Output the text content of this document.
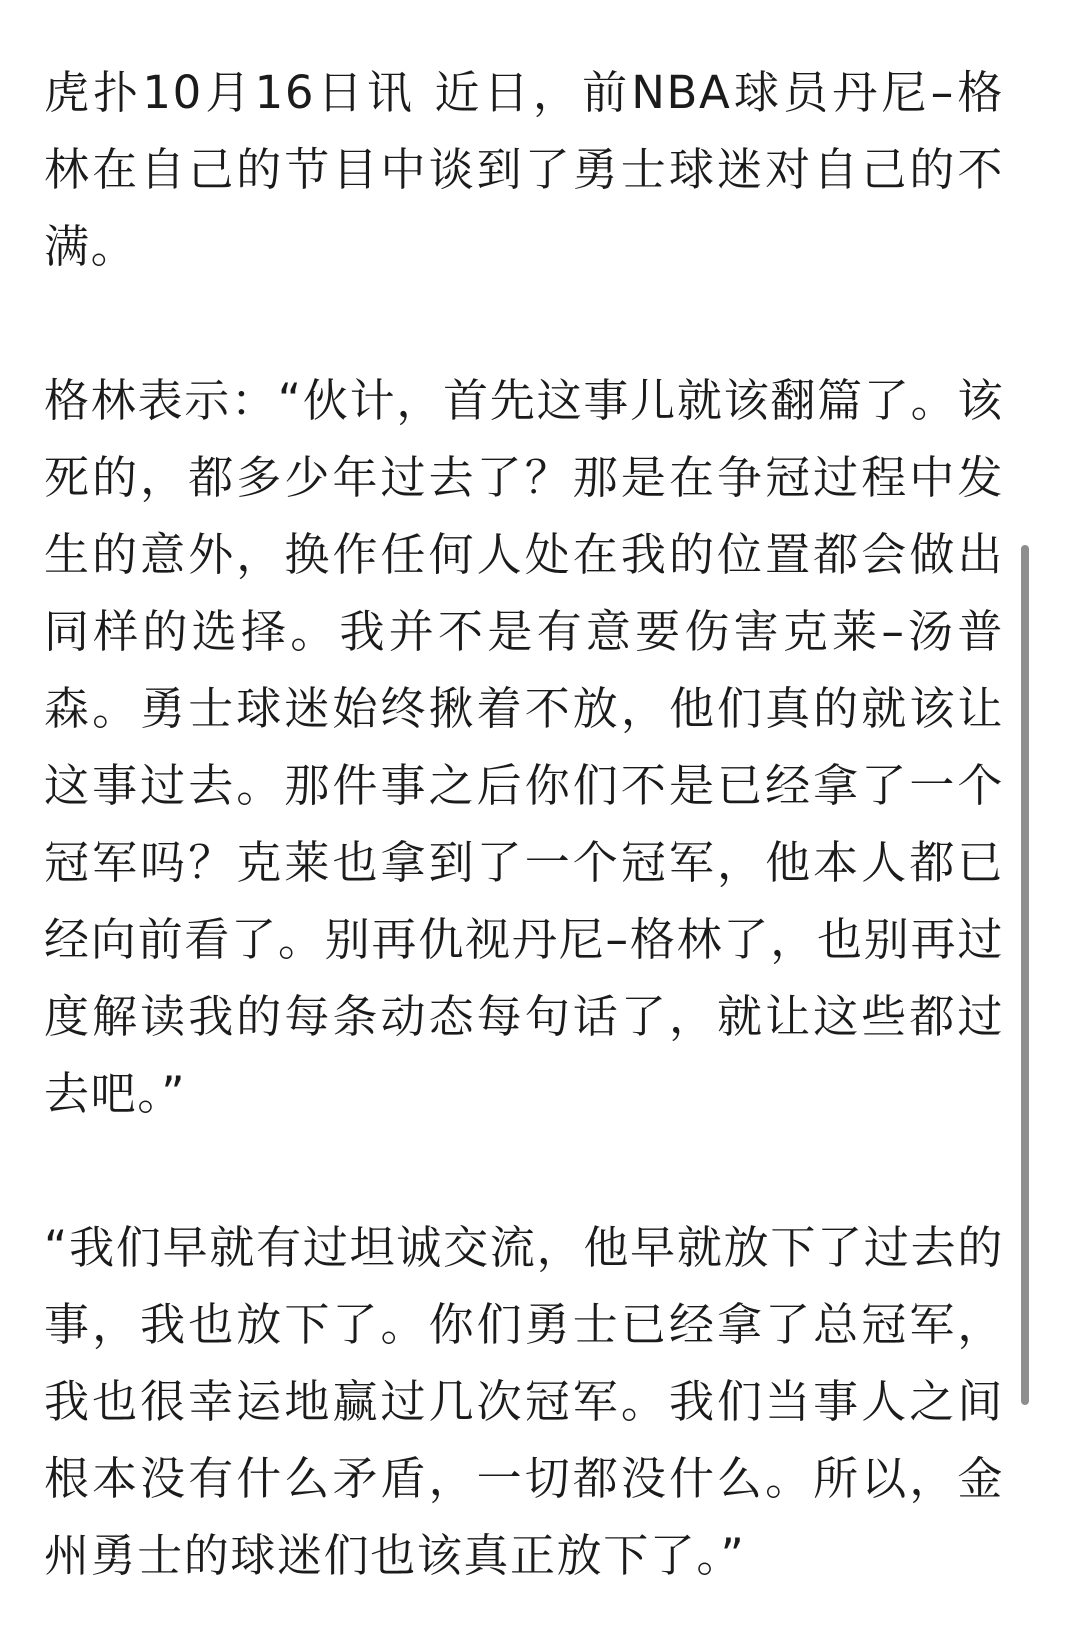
虎扑10月16日讯 近日，前NBA球员丹尼–格林在自己的节目中谈到了勇士球迷对自己的不满。

格林表示：“伙计，首先这事儿就该翻篇了。该死的，都多少年过去了？那是在争冠过程中发生的意外，换作任何人处在我的位置都会做出同样的选择。我并不是有意要伤害克莱–汤普森。勇士球迷始终揪着不放，他们真的就该让这事过去。那件事之后你们不是已经拿了一个冠军吗？克莱也拿到了一个冠军，他本人都已经向前看了。别再仇视丹尼–格林了，也别再过度解读我的每条动态每句话了，就让这些都过去吧。”

“我们早就有过坦诚交流，他早就放下了过去的事，我也放下了。你们勇士已经拿了总冠军，我也很幸运地赢过几次冠军。我们当事人之间根本没有什么矛盾，一切都没什么。所以，金州勇士的球迷们也该真正放下了。”
